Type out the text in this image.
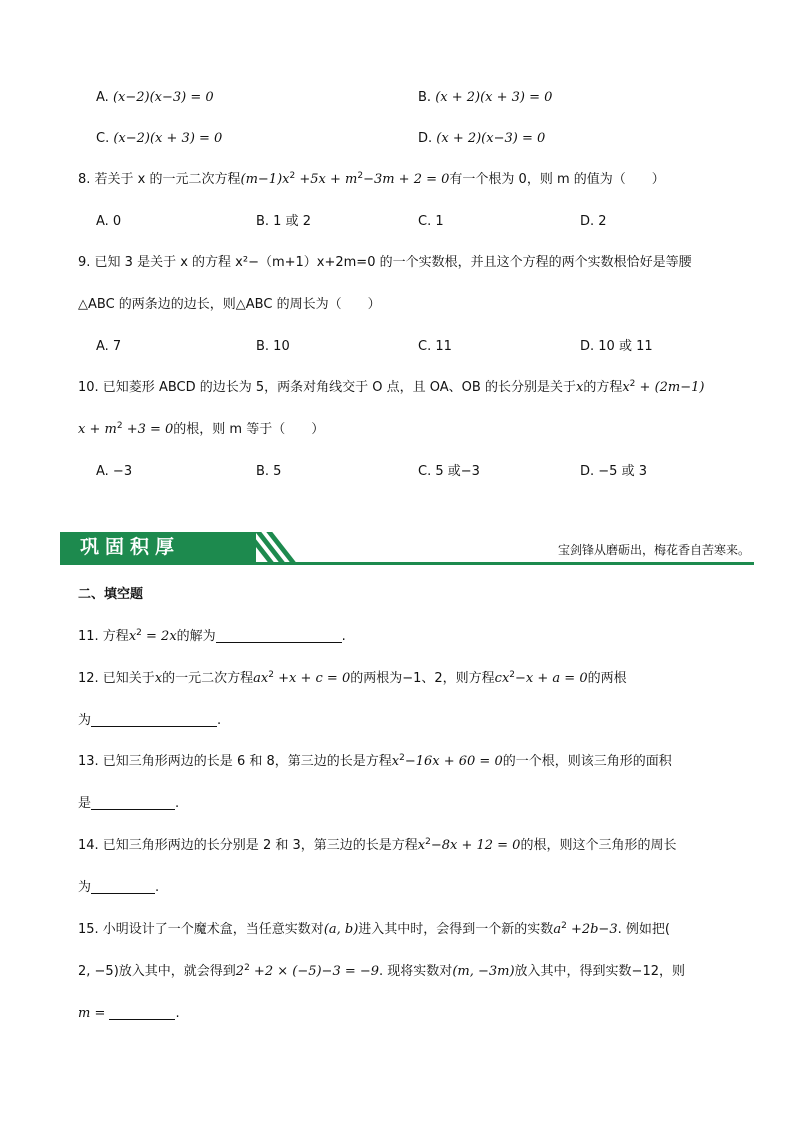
A. (x−2)(x−3) = 0	B. (x + 2)(x + 3) = 0
C. (x−2)(x + 3) = 0	D. (x + 2)(x−3) = 0
8. 若关于 x 的一元二次方程$(m-1)x^2 +5x + m^2-3m + 2 = 0$有一个根为 0，则 m 的值为（　　）
A. 0	B. 1 或 2	C. 1	D. 2
9. 已知 3 是关于 x 的方程 x²−（m+1）x+2m=0 的一个实数根，并且这个方程的两个实数根恰好是等腰
△ABC 的两条边的边长，则△ABC 的周长为（　　）
A. 7	B. 10	C. 11	D. 10 或 11
10. 已知菱形 ABCD 的边长为 5，两条对角线交于 O 点，且 OA、OB 的长分别是关于x的方程$x^2 + (2m-1)$
$x + m^2 +3 = 0$的根，则 m 等于（　　）
A. −3	B. 5	C. 5 或−3	D. −5 或 3
巩固积厚	宝剑锋从磨砺出，梅花香自苦寒来。
二、填空题
11. 方程$x^2 = 2x$的解为	.
12. 已知关于x的一元二次方程$ax^2 +x + c = 0$的两根为−1、2，则方程$cx^2-x + a = 0$的两根
为	.
13. 已知三角形两边的长是 6 和 8，第三边的长是方程$x^2-16x + 60 = 0$的一个根，则该三角形的面积
是	.
14. 已知三角形两边的长分别是 2 和 3，第三边的长是方程$x^2-8x + 12 = 0$的根，则这个三角形的周长
为	.
15. 小明设计了一个魔术盒，当任意实数对(a, b)进入其中时，会得到一个新的实数$a^2 +2b-3$. 例如把(
2, −5)放入其中，就会得到$2^2 +2 \times (-5)-3 = -9$. 现将实数对(m, −3m)放入其中，得到实数−12，则
m =	.
